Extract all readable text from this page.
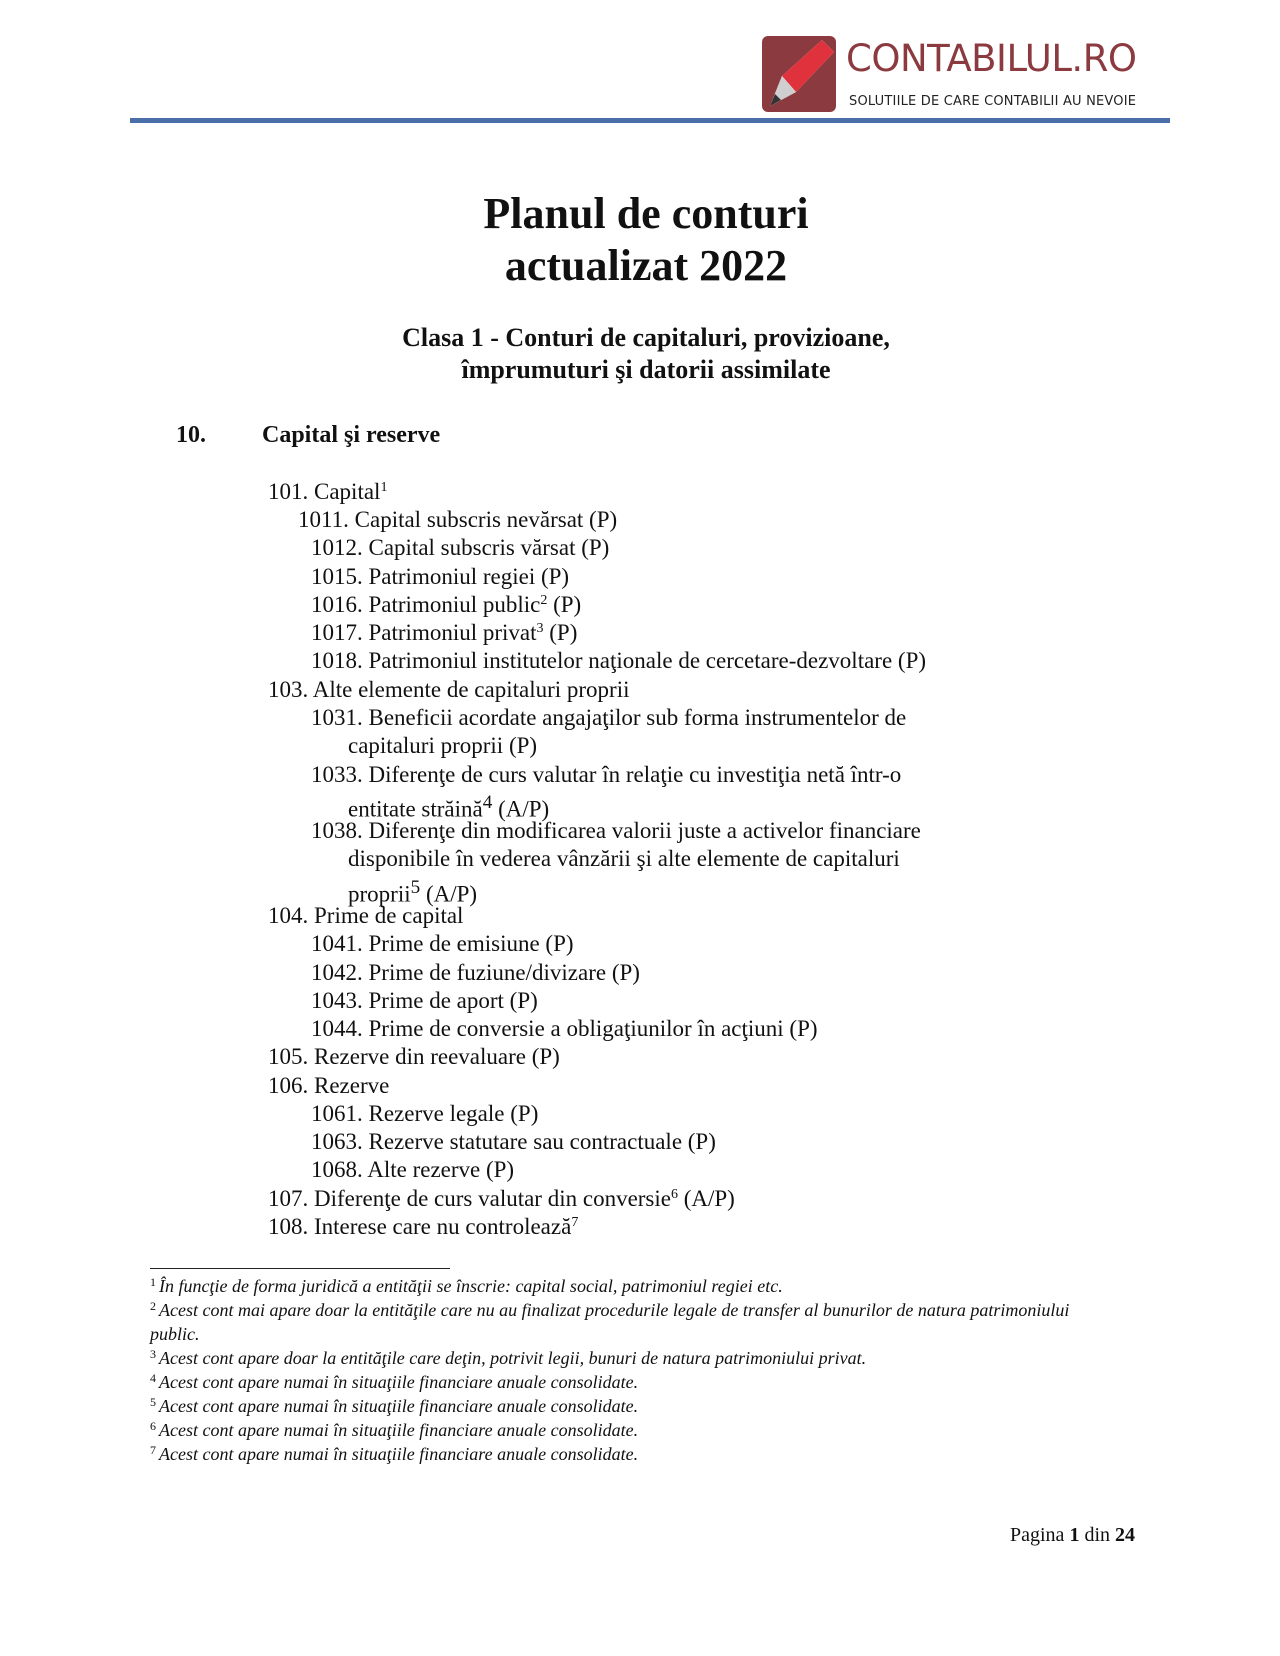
CONTABILUL.RO
SOLUTIILE DE CARE CONTABILII AU NEVOIE
Planul de conturi
actualizat 2022
Clasa 1 - Conturi de capitaluri, provizioane,
împrumuturi şi datorii assimilate
10. Capital şi reserve
101. Capital$^1$
1011. Capital subscris nevărsat (P)
1012. Capital subscris vărsat (P)
1015. Patrimoniul regiei (P)
1016. Patrimoniul public$^2$ (P)
1017. Patrimoniul privat$^3$ (P)
1018. Patrimoniul institutelor naţionale de cercetare-dezvoltare (P)
103. Alte elemente de capitaluri proprii
1031. Beneficii acordate angajaţilor sub forma instrumentelor de
capitaluri proprii (P)
1033. Diferenţe de curs valutar în relaţie cu investiţia netă într-o
entitate străină$^4$ (A/P)
1038. Diferenţe din modificarea valorii juste a activelor financiare
disponibile în vederea vânzării şi alte elemente de capitaluri
proprii$^5$ (A/P)
104. Prime de capital
1041. Prime de emisiune (P)
1042. Prime de fuziune/divizare (P)
1043. Prime de aport (P)
1044. Prime de conversie a obligaţiunilor în acţiuni (P)
105. Rezerve din reevaluare (P)
106. Rezerve
1061. Rezerve legale (P)
1063. Rezerve statutare sau contractuale (P)
1068. Alte rezerve (P)
107. Diferenţe de curs valutar din conversie$^6$ (A/P)
108. Interese care nu controlează$^7$
$^1$ În funcţie de forma juridică a entităţii se înscrie: capital social, patrimoniul regiei etc.
$^2$ Acest cont mai apare doar la entităţile care nu au finalizat procedurile legale de transfer al bunurilor de natura patrimoniului public.
$^3$ Acest cont apare doar la entităţile care deţin, potrivit legii, bunuri de natura patrimoniului privat.
$^4$ Acest cont apare numai în situaţiile financiare anuale consolidate.
$^5$ Acest cont apare numai în situaţiile financiare anuale consolidate.
$^6$ Acest cont apare numai în situaţiile financiare anuale consolidate.
$^7$ Acest cont apare numai în situaţiile financiare anuale consolidate.
Pagina 1 din 24
